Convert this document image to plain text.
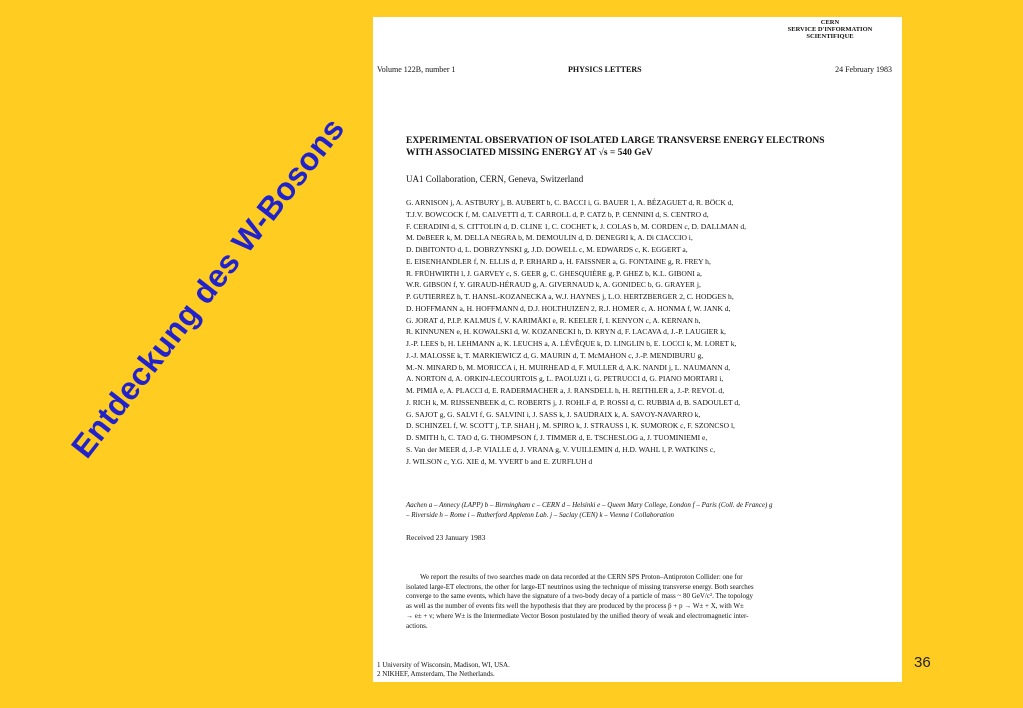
Entdeckung des W-Bosons
CERN
SERVICE D'INFORMATION
SCIENTIFIQUE
Volume 122B, number 1	PHYSICS LETTERS	24 February 1983
EXPERIMENTAL OBSERVATION OF ISOLATED LARGE TRANSVERSE ENERGY ELECTRONS
WITH ASSOCIATED MISSING ENERGY AT √s = 540 GeV
UA1 Collaboration, CERN, Geneva, Switzerland
G. ARNISON j, A. ASTBURY j, B. AUBERT b, C. BACCI i, G. BAUER 1, A. BÉZAGUET d, R. BÖCK d,
T.J.V. BOWCOCK f, M. CALVETTI d, T. CARROLL d, P. CATZ b, P. CENNINI d, S. CENTRO d,
F. CERADINI d, S. CITTOLIN d, D. CLINE 1, C. COCHET k, J. COLAS b, M. CORDEN c, D. DALLMAN d,
M. DeBEER k, M. DELLA NEGRA b, M. DEMOULIN d, D. DENEGRI k, A. Di CIACCIO i,
D. DiBITONTO d, L. DOBRZYNSKI g, J.D. DOWELL c, M. EDWARDS c, K. EGGERT a,
E. EISENHANDLER f, N. ELLIS d, P. ERHARD a, H. FAISSNER a, G. FONTAINE g, R. FREY h,
R. FRÜHWIRTH l, J. GARVEY c, S. GEER g, C. GHESQUIÈRE g, P. GHEZ b, K.L. GIBONI a,
W.R. GIBSON f, Y. GIRAUD-HÉRAUD g, A. GIVERNAUD k, A. GONIDEC b, G. GRAYER j,
P. GUTIERREZ h, T. HANSL-KOZANECKA a, W.J. HAYNES j, L.O. HERTZBERGER 2, C. HODGES h,
D. HOFFMANN a, H. HOFFMANN d, D.J. HOLTHUIZEN 2, R.J. HOMER c, A. HONMA f, W. JANK d,
G. JORAT d, P.I.P. KALMUS f, V. KARIMÄKI e, R. KEELER f, I. KENYON c, A. KERNAN h,
R. KINNUNEN e, H. KOWALSKI d, W. KOZANECKI h, D. KRYN d, F. LACAVA d, J.-P. LAUGIER k,
J.-P. LEES b, H. LEHMANN a, K. LEUCHS a, A. LÉVÊQUE k, D. LINGLIN b, E. LOCCI k, M. LORET k,
J.-J. MALOSSE k, T. MARKIEWICZ d, G. MAURIN d, T. McMAHON c, J.-P. MENDIBURU g,
M.-N. MINARD b, M. MORICCA i, H. MUIRHEAD d, F. MULLER d, A.K. NANDI j, L. NAUMANN d,
A. NORTON d, A. ORKIN-LECOURTOIS g, L. PAOLUZI i, G. PETRUCCI d, G. PIANO MORTARI i,
M. PIMIÄ e, A. PLACCI d, E. RADERMACHER a, J. RANSDELL h, H. REITHLER a, J.-P. REVOL d,
J. RICH k, M. RIJSSENBEEK d, C. ROBERTS j, J. ROHLF d, P. ROSSI d, C. RUBBIA d, B. SADOULET d,
G. SAJOT g, G. SALVI f, G. SALVINI i, J. SASS k, J. SAUDRAIX k, A. SAVOY-NAVARRO k,
D. SCHINZEL f, W. SCOTT j, T.P. SHAH j, M. SPIRO k, J. STRAUSS l, K. SUMOROK c, F. SZONCSO l,
D. SMITH h, C. TAO d, G. THOMPSON f, J. TIMMER d, E. TSCHESLOG a, J. TUOMINIEMI e,
S. Van der MEER d, J.-P. VIALLE d, J. VRANA g, V. VUILLEMIN d, H.D. WAHL l, P. WATKINS c,
J. WILSON c, Y.G. XIE d, M. YVERT b and E. ZURFLUH d
Aachen a – Annecy (LAPP) b – Birmingham c – CERN d – Helsinki e – Queen Mary College, London f – Paris (Coll. de France) g
– Riverside h – Rome i – Rutherford Appleton Lab. j – Saclay (CEN) k – Vienna l Collaboration
Received 23 January 1983
We report the results of two searches made on data recorded at the CERN SPS Proton–Antiproton Collider: one for
isolated large-ET electrons, the other for large-ET neutrinos using the technique of missing transverse energy. Both searches
converge to the same events, which have the signature of a two-body decay of a particle of mass ~ 80 GeV/c². The topology
as well as the number of events fits well the hypothesis that they are produced by the process p̄ + p → W± + X, with W±
→ e± + ν; where W± is the Intermediate Vector Boson postulated by the unified theory of weak and electromagnetic inter-
actions.
1 University of Wisconsin, Madison, WI, USA.
2 NIKHEF, Amsterdam, The Netherlands.
36
